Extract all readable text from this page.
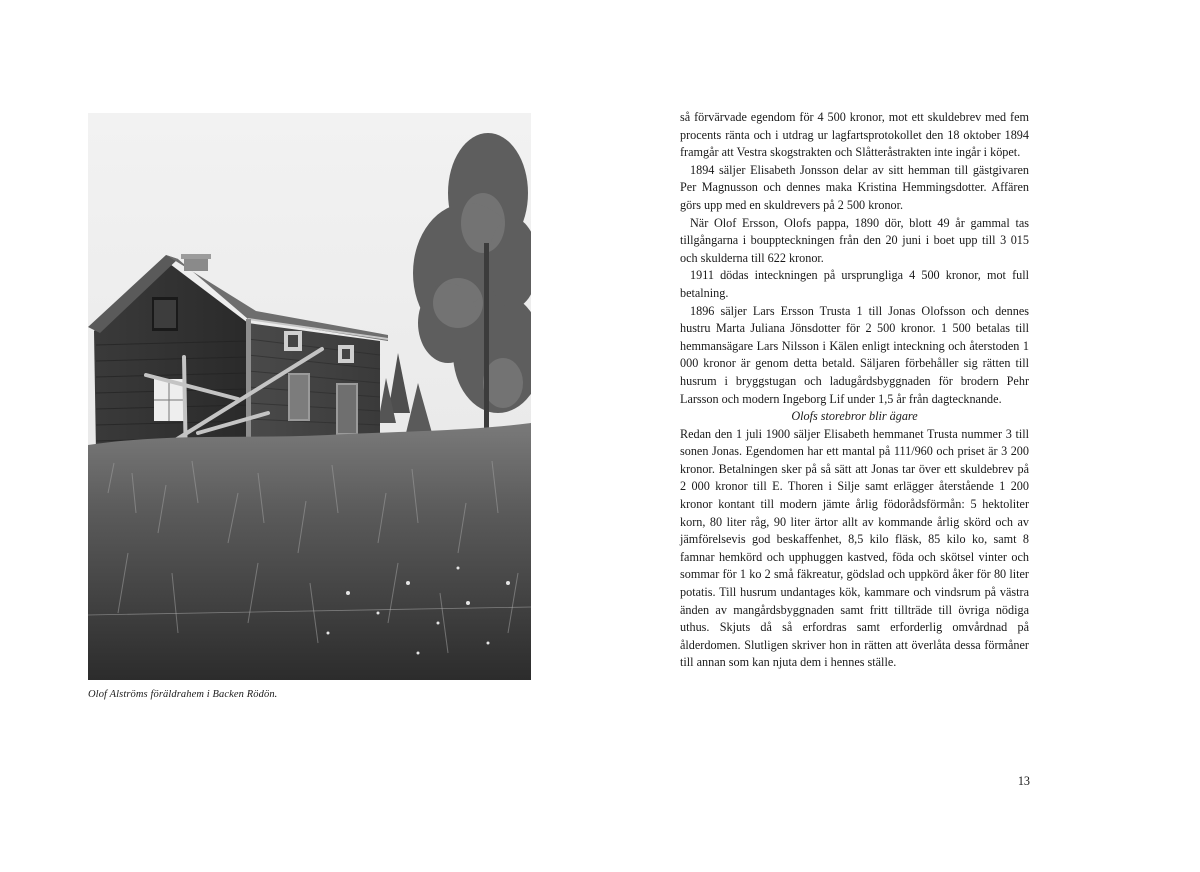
Olof Alströms föräldrahem i Backen Rödön.

så förvärvade egendom för 4 500 kronor, mot ett skuldebrev med fem procents ränta och i utdrag ur lagfartsprotokollet den 18 oktober 1894 framgår att Vestra skogstrakten och Slåtteråstrakten inte ingår i köpet.

1894 säljer Elisabeth Jonsson delar av sitt hemman till gästgivaren Per Magnusson och dennes maka Kristina Hemmingsdotter. Affären görs upp med en skuldrevers på 2 500 kronor.

När Olof Ersson, Olofs pappa, 1890 dör, blott 49 år gammal tas tillgångarna i bouppteckningen från den 20 juni i boet upp till 3 015 och skulderna till 622 kronor.

1911 dödas inteckningen på ursprungliga 4 500 kronor, mot full betalning.

1896 säljer Lars Ersson Trusta 1 till Jonas Olofsson och dennes hustru Marta Juliana Jönsdotter för 2 500 kronor. 1 500 betalas till hemmansägare Lars Nilsson i Kälen enligt inteckning och återstoden 1 000 kronor är genom detta betald. Säljaren förbehåller sig rätten till husrum i bryggstugan och ladugårdsbyggnaden för brodern Pehr Larsson och modern Ingeborg Lif under 1,5 år från dagtecknande.

Olofs storebror blir ägare

Redan den 1 juli 1900 säljer Elisabeth hemmanet Trusta nummer 3 till sonen Jonas. Egendomen har ett mantal på 111/960 och priset är 3 200 kronor. Betalningen sker på så sätt att Jonas tar över ett skuldebrev på 2 000 kronor till E. Thoren i Silje samt erlägger återstående 1 200 kronor kontant till modern jämte årlig födorådsförmån: 5 hektoliter korn, 80 liter råg, 90 liter ärtor allt av kommande årlig skörd och av jämförelsevis god beskaffenhet, 8,5 kilo fläsk, 85 kilo ko, samt 8 famnar hemkörd och upphuggen kastved, föda och skötsel vinter och sommar för 1 ko 2 små fäkreatur, gödslad och uppkörd åker för 80 liter potatis. Till husrum undantages kök, kammare och vindsrum på västra änden av mangårdsbyggnaden samt fritt tillträde till övriga nödiga uthus. Skjuts då så erfordras samt erforderlig omvårdnad på ålderdomen. Slutligen skriver hon in rätten att överlåta dessa förmåner till annan som kan njuta dem i hennes ställe.

13
